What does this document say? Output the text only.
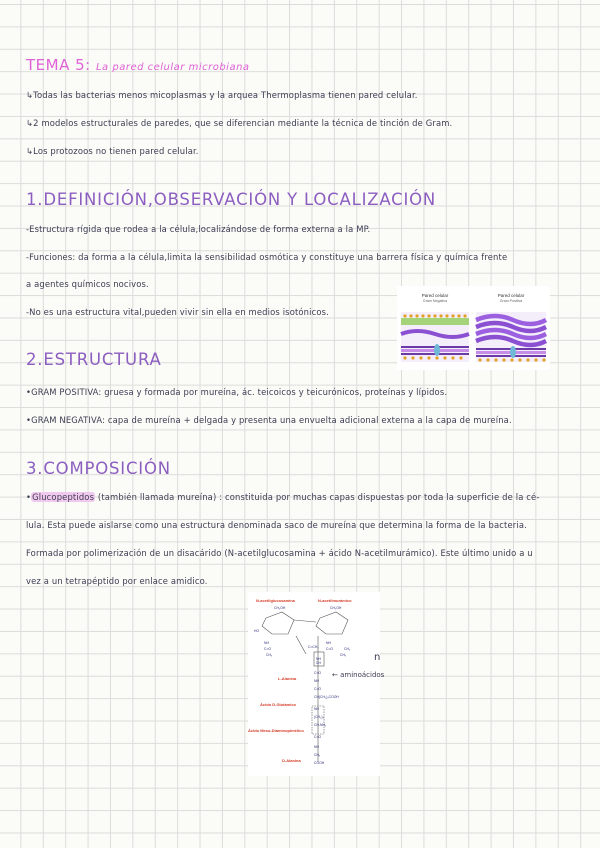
TEMA 5: La pared celular microbiana
↳Todas las bacterias menos micoplasmas y la arquea Thermoplasma tienen pared celular.
↳2 modelos estructurales de paredes, que se diferencian mediante la técnica de tinción de Gram.
↳Los protozoos no tienen pared celular.
1.DEFINICIÓN,OBSERVACIÓN Y LOCALIZACIÓN
-Estructura rígida que rodea a la célula,localizándose de forma externa a la MP.
-Funciones: da forma a la célula,limita la sensibilidad osmótica y constituye una barrera física y química frente
a agentes químicos nocivos.
-No es una estructura vital,pueden vivir sin ella en medios isotónicos.
Pared celular
Gram Negativa
Pared celular
Gram Positiva
2.ESTRUCTURA
•GRAM POSITIVA: gruesa y formada por mureína, ác. teicoicos y teicurónicos, proteínas y lípidos.
•GRAM NEGATIVA: capa de mureína + delgada y presenta una envuelta adicional externa a la capa de mureína.
3.COMPOSICIÓN
•Glucopeptidos (también llamada mureína) : constituida por muchas capas dispuestas por toda la superficie de la cé-
lula. Esta puede aislarse como una estructura denominada saco de mureína que determina la forma de la bacteria.
Formada por polimerización de un disacárido (N-acetilglucosamina + ácido N-acetilmurámico). Este último unido a u
vez a un tetrapéptido por enlace amidico.
CH₂OH	CH₂OH
HO
NH
C=O
CH₃
NH
C=O	CH₃
CH₃
C=CH₃
NH
CH
C=O
NH
C=O
CH(CH₂)₂COOH
NH
(CH₂)₃
CH-NH₂
C=O
NH
CH₃
COOH
N-acetilglucosamina	N-acetilmurámico
L-Alanina
Ácido D-Glutámico
Ácido Meso-Diaminopimélico
D-Alanina
n
← aminoácidos
